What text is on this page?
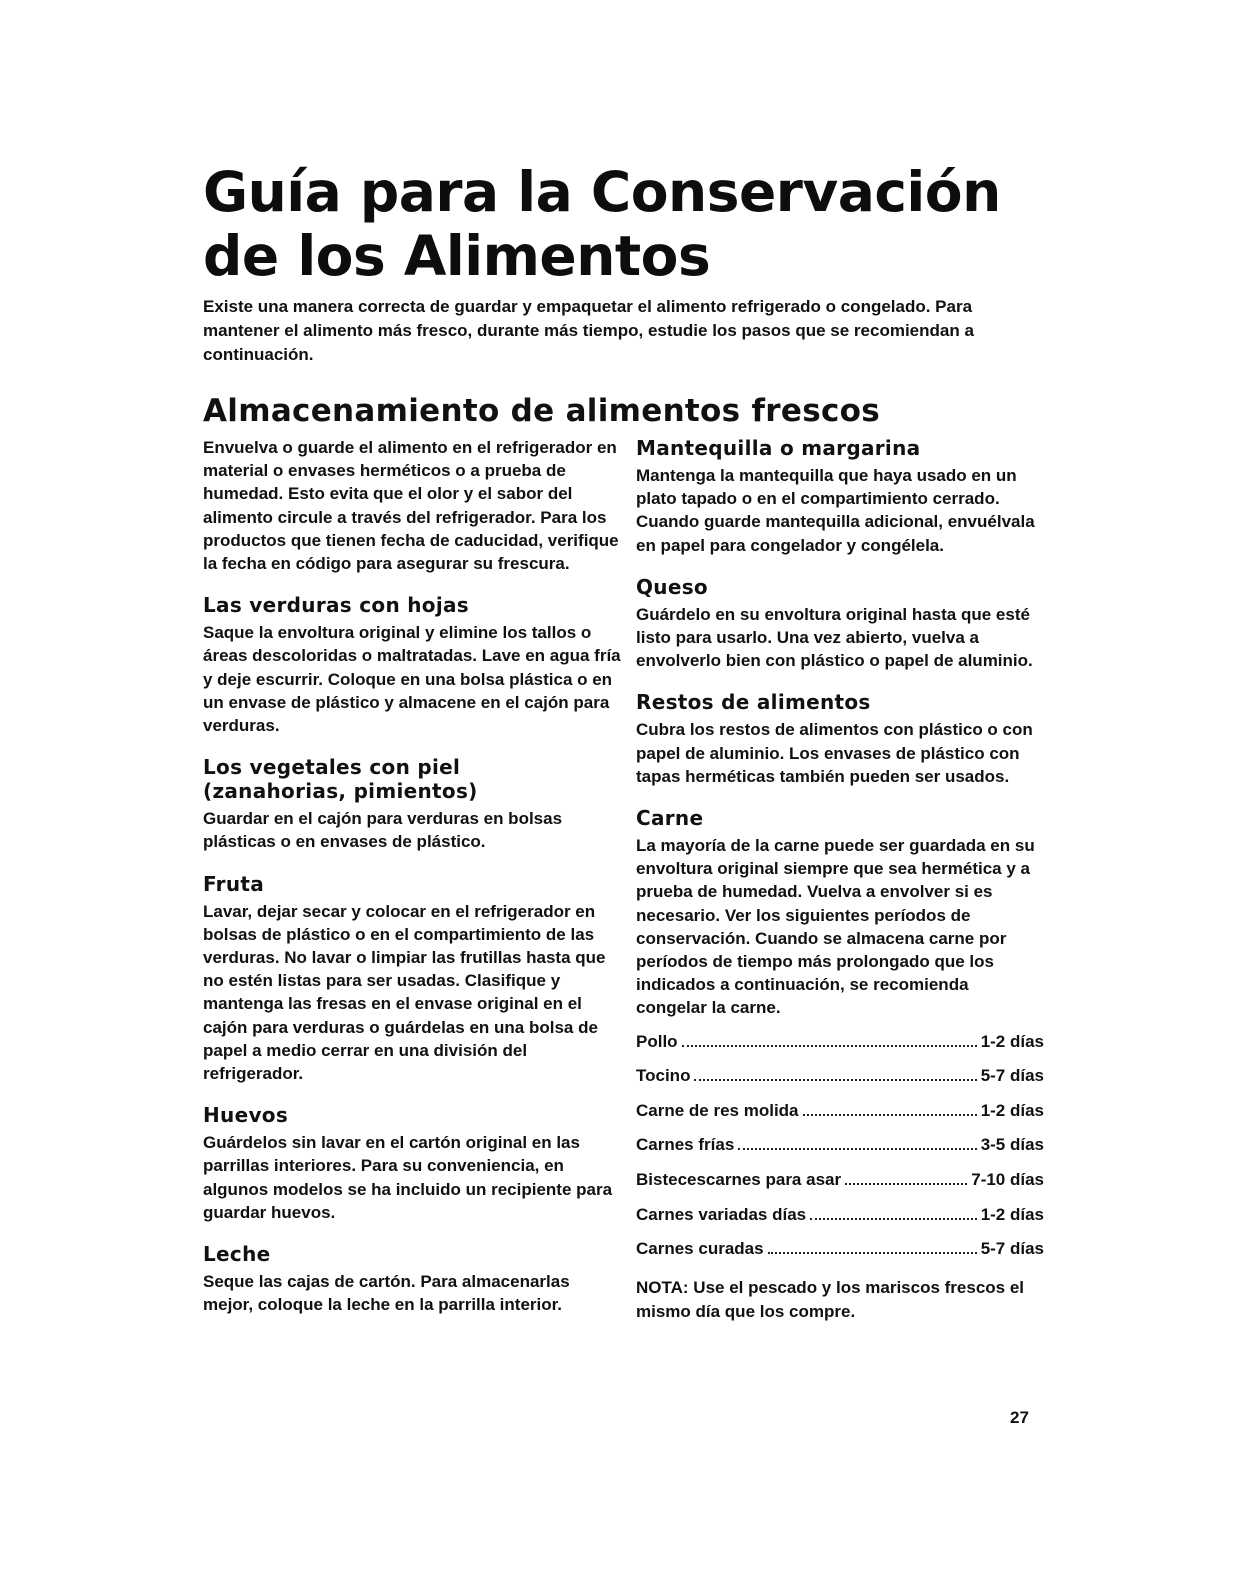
Guía para la Conservación
de los Alimentos

Existe una manera correcta de guardar y empaquetar el alimento refrigerado o congelado. Para mantener el alimento más fresco, durante más tiempo, estudie los pasos que se recomiendan a continuación.

Almacenamiento de alimentos frescos

Envuelva o guarde el alimento en el refrigerador en material o envases herméticos o a prueba de humedad. Esto evita que el olor y el sabor del alimento circule a través del refrigerador. Para los productos que tienen fecha de caducidad, verifique la fecha en código para asegurar su frescura.

Las verduras con hojas

Saque la envoltura original y elimine los tallos o áreas descoloridas o maltratadas. Lave en agua fría y deje escurrir. Coloque en una bolsa plástica o en un envase de plástico y almacene en el cajón para verduras.

Los vegetales con piel
(zanahorias, pimientos)

Guardar en el cajón para verduras en bolsas plásticas o en envases de plástico.

Fruta

Lavar, dejar secar y colocar en el refrigerador en bolsas de plástico o en el compartimiento de las verduras. No lavar o limpiar las frutillas hasta que no estén listas para ser usadas. Clasifique y mantenga las fresas en el envase original en el cajón para verduras o guárdelas en una bolsa de papel a medio cerrar en una división del refrigerador.

Huevos

Guárdelos sin lavar en el cartón original en las parrillas interiores. Para su conveniencia, en algunos modelos se ha incluido un recipiente para guardar huevos.

Leche

Seque las cajas de cartón. Para almacenarlas mejor, coloque la leche en la parrilla interior.

Mantequilla o margarina

Mantenga la mantequilla que haya usado en un plato tapado o en el compartimiento cerrado. Cuando guarde mantequilla adicional, envuélvala en papel para congelador y congélela.

Queso

Guárdelo en su envoltura original hasta que esté listo para usarlo. Una vez abierto, vuelva a envolverlo bien con plástico o papel de aluminio.

Restos de alimentos

Cubra los restos de alimentos con plástico o con papel de aluminio. Los envases de plástico con tapas herméticas también pueden ser usados.

Carne

La mayoría de la carne puede ser guardada en su envoltura original siempre que sea hermética y a prueba de humedad. Vuelva a envolver si es necesario. Ver los siguientes períodos de conservación. Cuando se almacena carne por períodos de tiempo más prolongado que los indicados a continuación, se recomienda congelar la carne.

Pollo	1-2 días
Tocino	5-7 días
Carne de res molida	1-2 días
Carnes frías	3-5 días
Bistecescarnes para asar	7-10 días
Carnes variadas días	1-2 días
Carnes curadas	5-7 días

NOTA: Use el pescado y los mariscos frescos el mismo día que los compre.

27
